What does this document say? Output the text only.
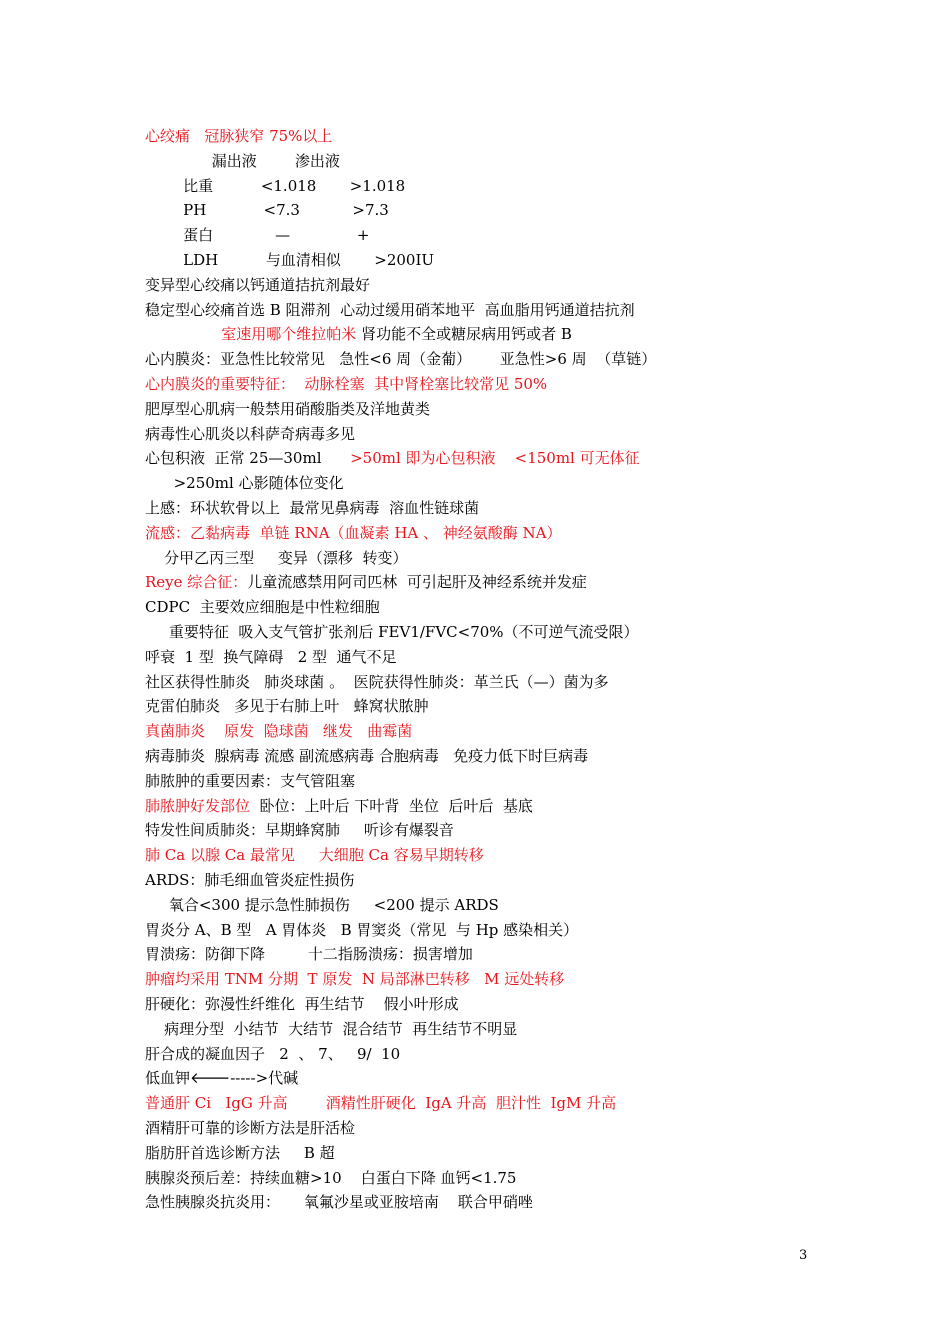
心绞痛   冠脉狭窄 75%以上
漏出液        渗出液
比重          <1.018       >1.018
PH            <7.3           >7.3
蛋白             —              +
LDH          与血清相似       >200IU
变异型心绞痛以钙通道拮抗剂最好
稳定型心绞痛首选 B 阻滞剂  心动过缓用硝苯地平  高血脂用钙通道拮抗剂
室速用哪个维拉帕米 肾功能不全或糖尿病用钙或者 B
心内膜炎：亚急性比较常见   急性<6 周（金葡）      亚急性>6 周  （草链）
心内膜炎的重要特征：  动脉栓塞  其中肾栓塞比较常见 50%
肥厚型心肌病一般禁用硝酸脂类及洋地黄类
病毒性心肌炎以科萨奇病毒多见
心包积液  正常 25—30ml      >50ml 即为心包积液    <150ml 可无体征
>250ml 心影随体位变化
上感：环状软骨以上  最常见鼻病毒  溶血性链球菌
流感：乙黏病毒  单链 RNA（血凝素 HA 、 神经氨酸酶 NA）
分甲乙丙三型     变异（漂移  转变）
Reye 综合征：儿童流感禁用阿司匹林  可引起肝及神经系统并发症
CDPC  主要效应细胞是中性粒细胞
重要特征  吸入支气管扩张剂后 FEV1/FVC<70%（不可逆气流受限）
呼衰  1 型  换气障碍   2 型  通气不足
社区获得性肺炎   肺炎球菌 。  医院获得性肺炎：革兰氏（—）菌为多
克雷伯肺炎   多见于右肺上叶   蜂窝状脓肿
真菌肺炎    原发  隐球菌   继发   曲霉菌
病毒肺炎  腺病毒 流感 副流感病毒 合胞病毒   免疫力低下时巨病毒
肺脓肿的重要因素：支气管阻塞
肺脓肿好发部位  卧位：上叶后 下叶背  坐位  后叶后  基底
特发性间质肺炎：早期蜂窝肺     听诊有爆裂音
肺 Ca 以腺 Ca 最常见     大细胞 Ca 容易早期转移
ARDS：肺毛细血管炎症性损伤
氧合<300 提示急性肺损伤     <200 提示 ARDS
胃炎分 A、B 型   A 胃体炎   B 胃窦炎（常见  与 Hp 感染相关）
胃溃疡：防御下降         十二指肠溃疡：损害增加
肿瘤均采用 TNM 分期  T 原发  N 局部淋巴转移   M 远处转移
肝硬化：弥漫性纤维化  再生结节    假小叶形成
病理分型  小结节  大结节  混合结节  再生结节不明显
肝合成的凝血因子   2  、 7、   9/  10
低血钾🡐----->代碱
普通肝 Ci   IgG 升高        酒精性肝硬化  IgA 升高  胆汁性  IgM 升高
酒精肝可靠的诊断方法是肝活检
脂肪肝首选诊断方法     B 超
胰腺炎预后差：持续血糖>10    白蛋白下降 血钙<1.75
急性胰腺炎抗炎用：     氧氟沙星或亚胺培南    联合甲硝唑
3
